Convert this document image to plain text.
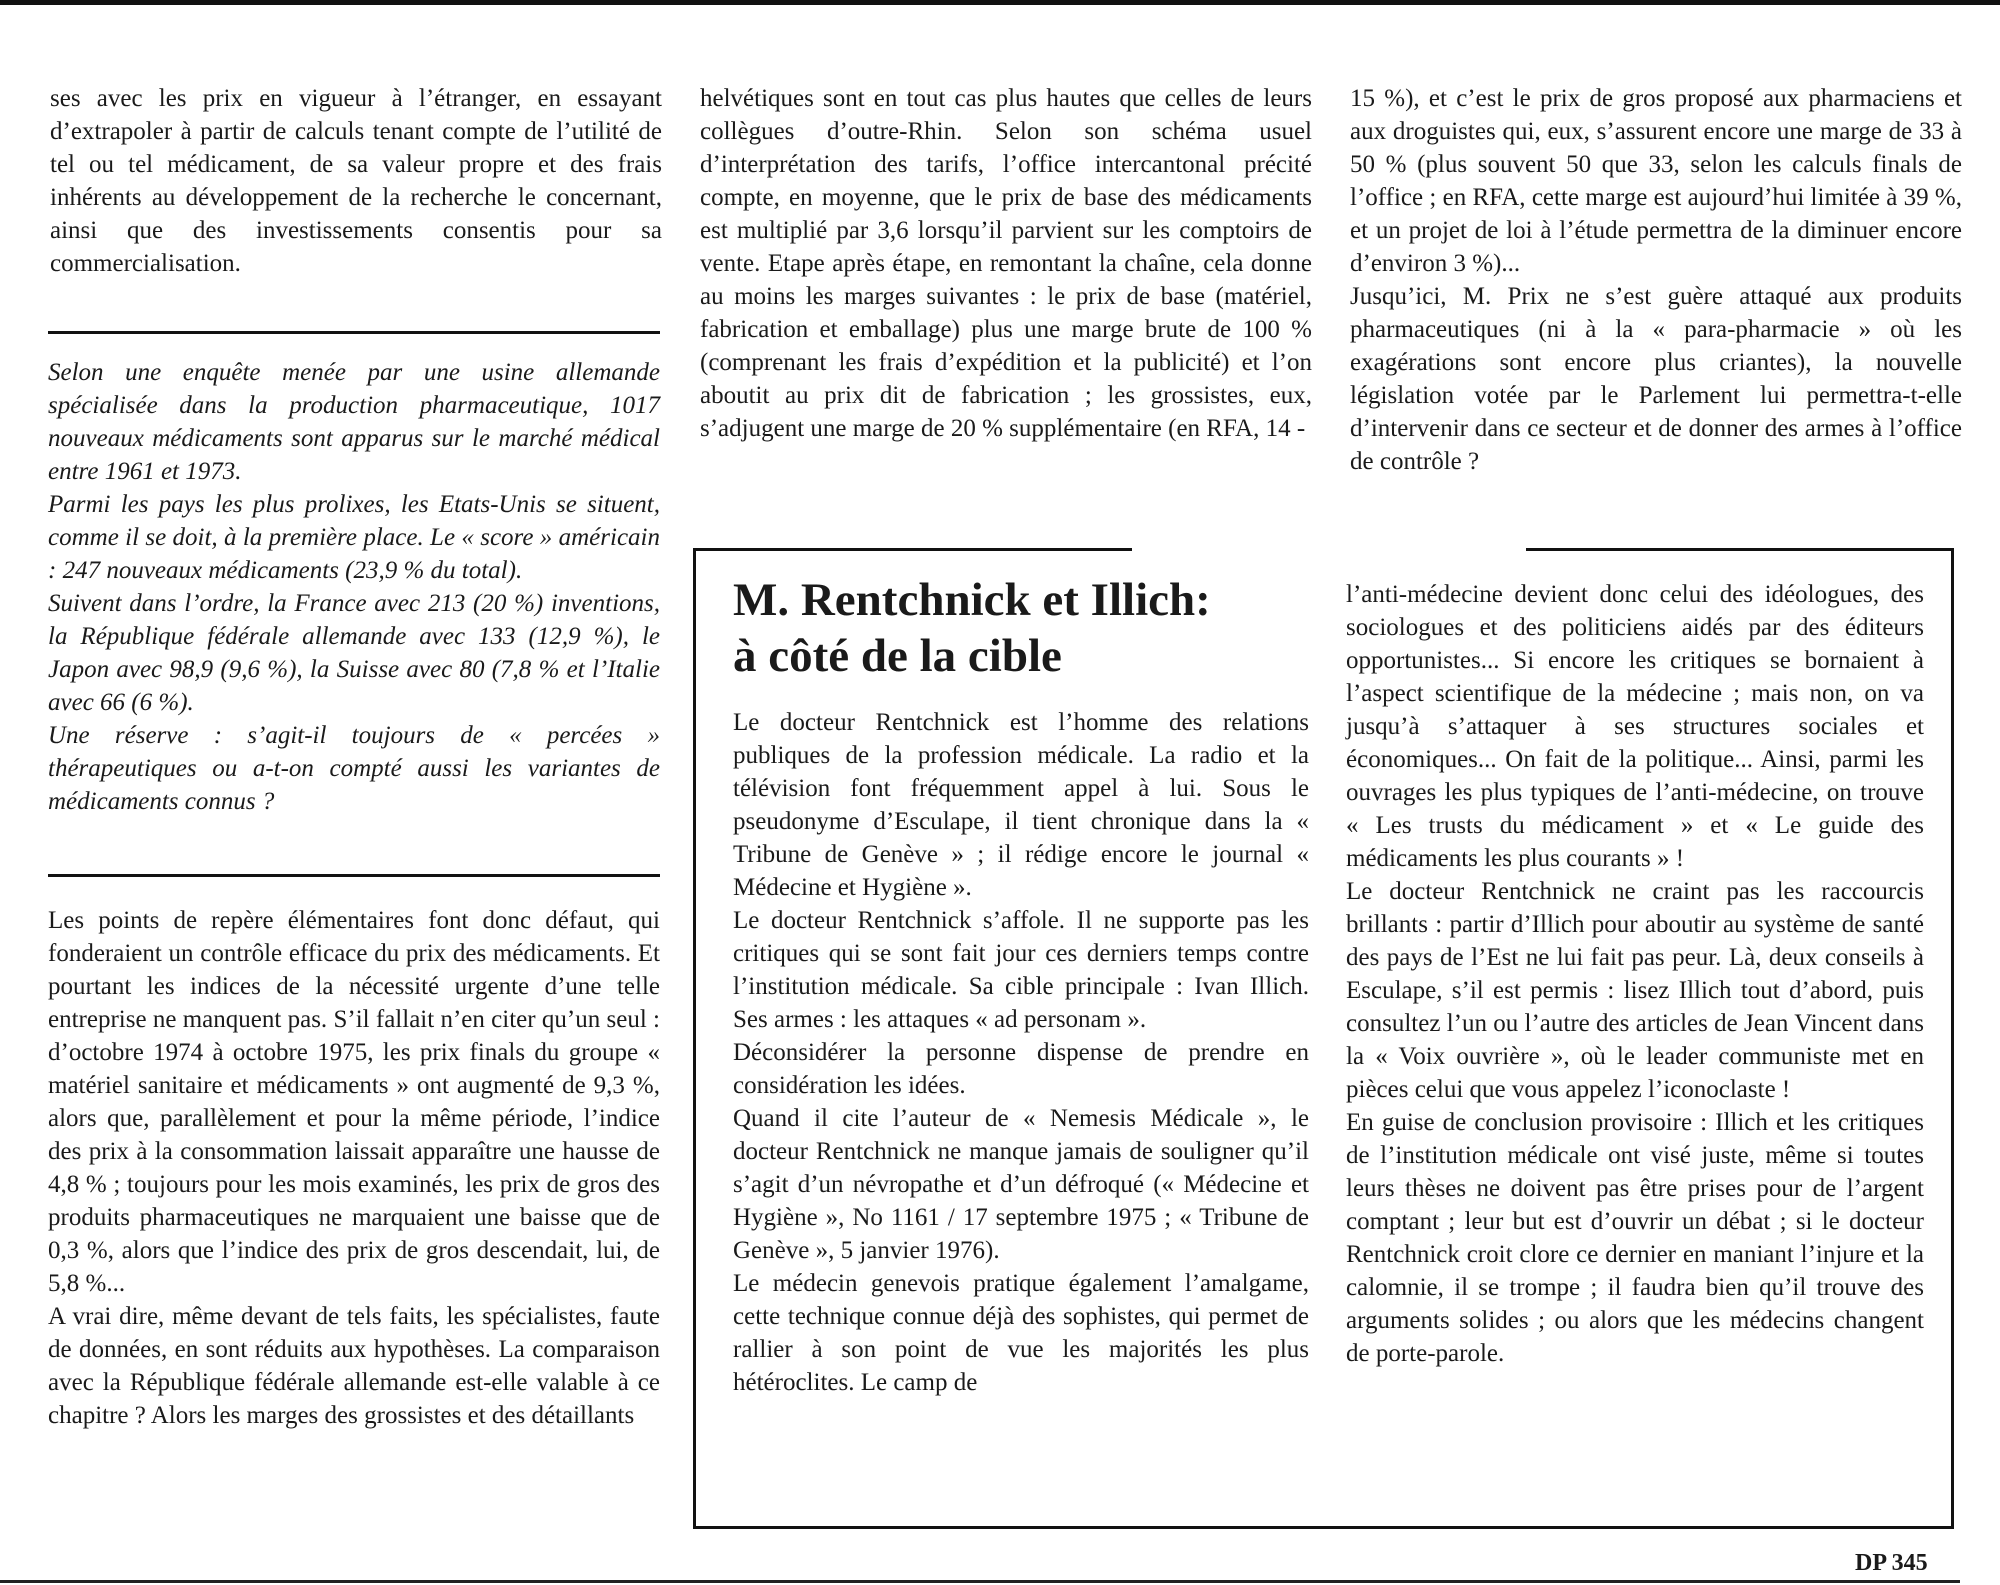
ses avec les prix en vigueur à l’étranger, en essayant d’extrapoler à partir de calculs tenant compte de l’utilité de tel ou tel médicament, de sa valeur propre et des frais inhérents au développement de la recherche le concernant, ainsi que des investissements consentis pour sa commercialisation.

Selon une enquête menée par une usine allemande spécialisée dans la production pharmaceutique, 1017 nouveaux médicaments sont apparus sur le marché médical entre 1961 et 1973.

Parmi les pays les plus prolixes, les Etats-Unis se situent, comme il se doit, à la première place. Le « score » américain : 247 nouveaux médicaments (23,9 % du total).

Suivent dans l’ordre, la France avec 213 (20 %) inventions, la République fédérale allemande avec 133 (12,9 %), le Japon avec 98,9 (9,6 %), la Suisse avec 80 (7,8 % et l’Italie avec 66 (6 %).

Une réserve : s’agit-il toujours de « percées » thérapeutiques ou a-t-on compté aussi les variantes de médicaments connus ?

Les points de repère élémentaires font donc défaut, qui fonderaient un contrôle efficace du prix des médicaments. Et pourtant les indices de la nécessité urgente d’une telle entreprise ne manquent pas. S’il fallait n’en citer qu’un seul : d’octobre 1974 à octobre 1975, les prix finals du groupe « matériel sanitaire et médicaments » ont augmenté de 9,3 %, alors que, parallèlement et pour la même période, l’indice des prix à la consommation laissait apparaître une hausse de 4,8 % ; toujours pour les mois examinés, les prix de gros des produits pharmaceutiques ne marquaient une baisse que de 0,3 %, alors que l’indice des prix de gros descendait, lui, de 5,8 %...

A vrai dire, même devant de tels faits, les spécialistes, faute de données, en sont réduits aux hypothèses. La comparaison avec la République fédérale allemande est-elle valable à ce chapitre ? Alors les marges des grossistes et des détaillants

helvétiques sont en tout cas plus hautes que celles de leurs collègues d’outre-Rhin. Selon son schéma usuel d’interprétation des tarifs, l’office intercantonal précité compte, en moyenne, que le prix de base des médicaments est multiplié par 3,6 lorsqu’il parvient sur les comptoirs de vente. Etape après étape, en remontant la chaîne, cela donne au moins les marges suivantes : le prix de base (matériel, fabrication et emballage) plus une marge brute de 100 % (comprenant les frais d’expédition et la publicité) et l’on aboutit au prix dit de fabrication ; les grossistes, eux, s’adjugent une marge de 20 % supplémentaire (en RFA, 14 -

15 %), et c’est le prix de gros proposé aux pharmaciens et aux droguistes qui, eux, s’assurent encore une marge de 33 à 50 % (plus souvent 50 que 33, selon les calculs finals de l’office ; en RFA, cette marge est aujourd’hui limitée à 39 %, et un projet de loi à l’étude permettra de la diminuer encore d’environ 3 %)...

Jusqu’ici, M. Prix ne s’est guère attaqué aux produits pharmaceutiques (ni à la « para-pharmacie » où les exagérations sont encore plus criantes), la nouvelle législation votée par le Parlement lui permettra-t-elle d’intervenir dans ce secteur et de donner des armes à l’office de contrôle ?

M. Rentchnick et Illich:
à côté de la cible

Le docteur Rentchnick est l’homme des relations publiques de la profession médicale. La radio et la télévision font fréquemment appel à lui. Sous le pseudonyme d’Esculape, il tient chronique dans la « Tribune de Genève » ; il rédige encore le journal « Médecine et Hygiène ».

Le docteur Rentchnick s’affole. Il ne supporte pas les critiques qui se sont fait jour ces derniers temps contre l’institution médicale. Sa cible principale : Ivan Illich. Ses armes : les attaques « ad personam ».

Déconsidérer la personne dispense de prendre en considération les idées.

Quand il cite l’auteur de « Nemesis Médicale », le docteur Rentchnick ne manque jamais de souligner qu’il s’agit d’un névropathe et d’un défroqué (« Médecine et Hygiène », No 1161 / 17 septembre 1975 ; « Tribune de Genève », 5 janvier 1976).

Le médecin genevois pratique également l’amalgame, cette technique connue déjà des sophistes, qui permet de rallier à son point de vue les majorités les plus hétéroclites. Le camp de

l’anti-médecine devient donc celui des idéologues, des sociologues et des politiciens aidés par des éditeurs opportunistes... Si encore les critiques se bornaient à l’aspect scientifique de la médecine ; mais non, on va jusqu’à s’attaquer à ses structures sociales et économiques... On fait de la politique... Ainsi, parmi les ouvrages les plus typiques de l’anti-médecine, on trouve « Les trusts du médicament » et « Le guide des médicaments les plus courants » !

Le docteur Rentchnick ne craint pas les raccourcis brillants : partir d’Illich pour aboutir au système de santé des pays de l’Est ne lui fait pas peur. Là, deux conseils à Esculape, s’il est permis : lisez Illich tout d’abord, puis consultez l’un ou l’autre des articles de Jean Vincent dans la « Voix ouvrière », où le leader communiste met en pièces celui que vous appelez l’iconoclaste !

En guise de conclusion provisoire : Illich et les critiques de l’institution médicale ont visé juste, même si toutes leurs thèses ne doivent pas être prises pour de l’argent comptant ; leur but est d’ouvrir un débat ; si le docteur Rentchnick croit clore ce dernier en maniant l’injure et la calomnie, il se trompe ; il faudra bien qu’il trouve des arguments solides ; ou alors que les médecins changent de porte-parole.

DP 345
